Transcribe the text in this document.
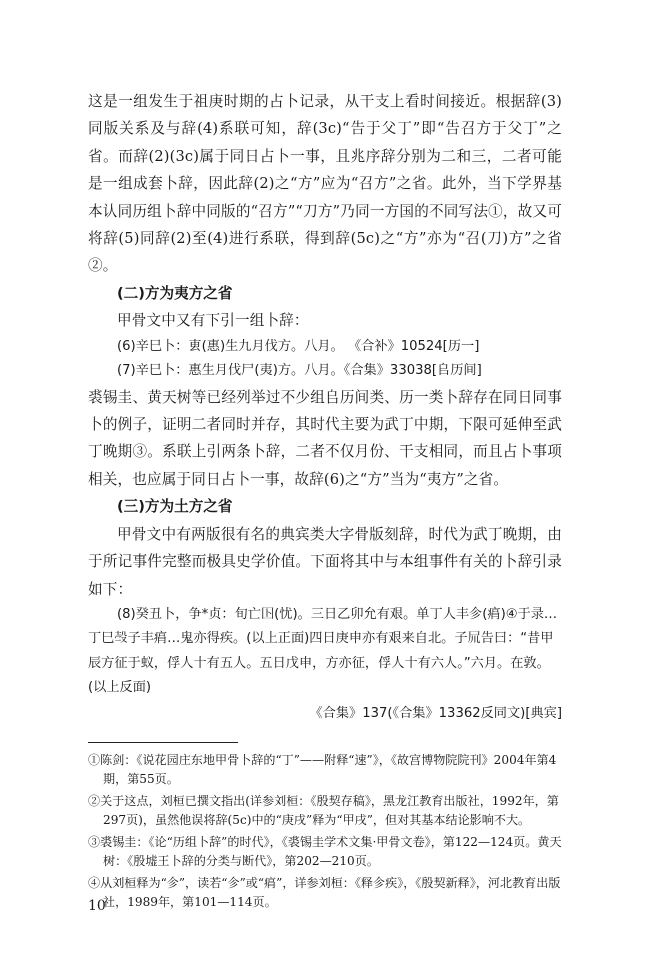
这是一组发生于祖庚时期的占卜记录，从干支上看时间接近。根据辞(3)同版关系及与辞(4)系联可知，辞(3c)“告于父丁”即“告召方于父丁”之省。而辞(2)(3c)属于同日占卜一事，且兆序辞分别为二和三，二者可能是一组成套卜辞，因此辞(2)之“方”应为“召方”之省。此外，当下学界基本认同历组卜辞中同版的“召方”“刀方”乃同一方国的不同写法①，故又可将辞(5)同辞(2)至(4)进行系联，得到辞(5c)之“方”亦为“召(刀)方”之省②。

(二)方为夷方之省

甲骨文中又有下引一组卜辞：

(6)辛巳卜：叀(惠)生九月伐方。八月。 《合补》10524[历一]

(7)辛巳卜：惠生月伐尸(夷)方。八月。《合集》33038[𠂤历间]

裘锡圭、黄天树等已经列举过不少组𠂤历间类、历一类卜辞存在同日同事卜的例子，证明二者同时并存，其时代主要为武丁中期，下限可延伸至武丁晚期③。系联上引两条卜辞，二者不仅月份、干支相同，而且占卜事项相关，也应属于同日占卜一事，故辞(6)之“方”当为“夷方”之省。

(三)方为土方之省

甲骨文中有两版很有名的典宾类大字骨版刻辞，时代为武丁晚期，由于所记事件完整而极具史学价值。下面将其中与本组事件有关的卜辞引录如下：

(8)癸丑卜，争*贞：旬亡𡆥(忧)。三日乙卯允有艰。单丁人丰㐱(㾓)④于录…丁巳𣪊子丰㾓…鬼亦得疾。(以上正面)四日庚申亦有艰来自北。子𡰭告曰：“昔甲辰方征于蚁，俘人十有五人。五日戊申，方亦征，俘人十有六人。”六月。在敦。(以上反面)

《合集》137(《合集》13362反同文)[典宾]

①陈剑：《说花园庄东地甲骨卜辞的“丁”——附释“速”》，《故宫博物院院刊》2004年第4期，第55页。

②关于这点，刘桓已撰文指出(详参刘桓：《殷契存稿》，黑龙江教育出版社，1992年，第297页)，虽然他误将辞(5c)中的“庚戌”释为“甲戌”，但对其基本结论影响不大。

③裘锡圭：《论“历组卜辞”的时代》，《裘锡圭学术文集·甲骨文卷》，第122—124页。黄天树：《殷墟王卜辞的分类与断代》，第202—210页。

④从刘桓释为“㐱”，读若“㐱”或“㾓”，详参刘桓：《释㐱疾》，《殷契新释》，河北教育出版社，1989年，第101—114页。

10
